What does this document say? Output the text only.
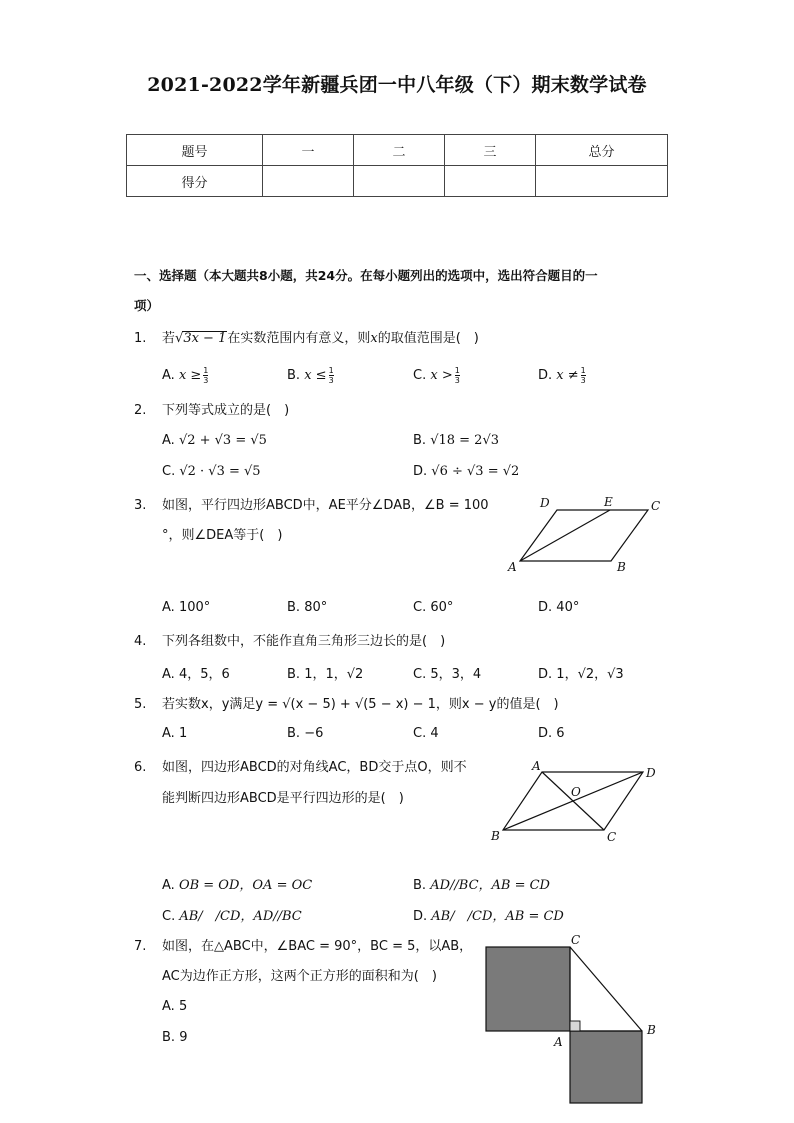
2021-2022学年新疆兵团一中八年级（下）期末数学试卷
题号	一	二	三	总分
得分				
一、选择题（本大题共8小题，共24分。在每小题列出的选项中，选出符合题目的一
项）
1. 若√3x − 1在实数范围内有意义，则x的取值范围是(　)
A. $x \ge \frac{1}{3}$	B. $x \le \frac{1}{3}$	C. $x > \frac{1}{3}$	D. $x \ne \frac{1}{3}$
2. 下列等式成立的是(　)
A. √2 + √3 = √5	B. √18 = 2√3
C. √2 · √3 = √5	D. √6 ÷ √3 = √2
3. 如图，平行四边形ABCD中，AE平分∠DAB，∠B = 100
°，则∠DEA等于(　)
D	E	C
A	B
A. 100°	B. 80°	C. 60°	D. 40°
4. 下列各组数中，不能作直角三角形三边长的是(　)
A. 4，5，6	B. 1，1，√2	C. 5，3，4	D. 1，√2，√3
5. 若实数x，y满足y = √(x − 5) + √(5 − x) − 1，则x − y的值是(　)
A. 1	B. −6	C. 4	D. 6
6. 如图，四边形ABCD的对角线AC，BD交于点O，则不
能判断四边形ABCD是平行四边形的是(　)
A	D
O
B	C
A. OB = OD，OA = OC	B. AD//BC，AB = CD
C. AB/　/CD，AD//BC	D. AB/　/CD，AB = CD
7. 如图，在△ABC中，∠BAC = 90°，BC = 5，以AB，
AC为边作正方形，这两个正方形的面积和为(　)
A. 5
B. 9
C
B
A
